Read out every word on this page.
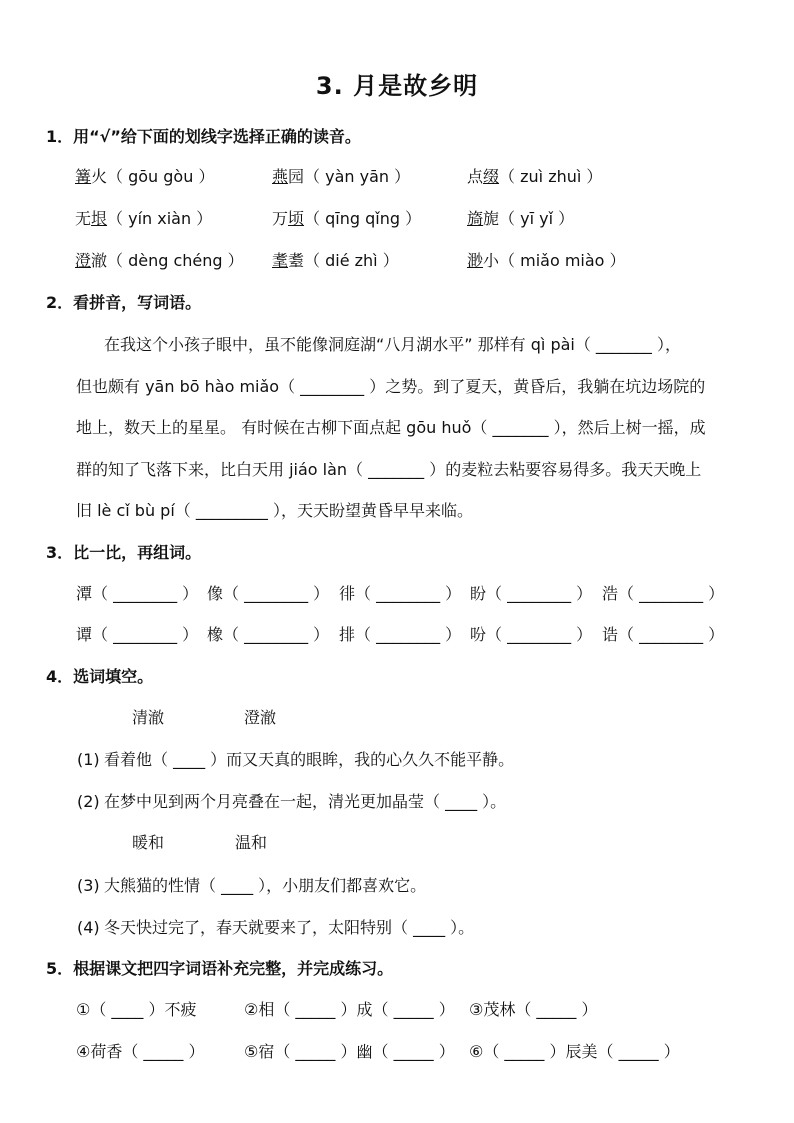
3. 月是故乡明
1．用“√”给下面的划线字选择正确的读音。
篝火（ gōu gòu ）	燕园（ yàn yān ）	点缀（ zuì zhuì ）
无垠（ yín xiàn ）	万顷（ qīng qǐng ）	旖旎（ yī yǐ ）
澄澈（ dèng chéng ） 耄耋（ dié zhì ）	渺小（ miǎo miào ）
2．看拼音，写词语。
在我这个小孩子眼中，虽不能像洞庭湖“八月湖水平” 那样有 qì pài（ _______ ），
但也颇有 yān bō hào miǎo（ ________ ）之势。到了夏天，黄昏后，我躺在坑边场院的
地上，数天上的星星。 有时候在古柳下面点起 gōu huǒ（ _______ ），然后上树一摇，成
群的知了飞落下来，比白天用 jiáo làn（ _______ ）的麦粒去粘要容易得多。我天天晚上
旧 lè cǐ bù pí（ _________ ），天天盼望黄昏早早来临。
3．比一比，再组词。
潭（ ________ ） 像（ ________ ） 徘（ ________ ） 盼（ ________ ） 浩（ ________ ）
谭（ ________ ） 橡（ ________ ） 排（ ________ ） 吩（ ________ ） 诰（ ________ ）
4．选词填空。
清澈	澄澈
(1) 看着他（ ____ ）而又天真的眼眸，我的心久久不能平静。
(2) 在梦中见到两个月亮叠在一起，清光更加晶莹（ ____ ）。
暖和	温和
(3) 大熊猫的性情（ ____ ），小朋友们都喜欢它。
(4) 冬天快过完了，春天就要来了，太阳特别（ ____ ）。
5．根据课文把四字词语补充完整，并完成练习。
①（ ____ ）不疲	②相（ _____ ）成（ _____ ） ③茂林（ _____ ）
④荷香（ _____ ） ⑤宿（ _____ ）幽（ _____ ） ⑥（ _____ ）辰美（ _____ ）
